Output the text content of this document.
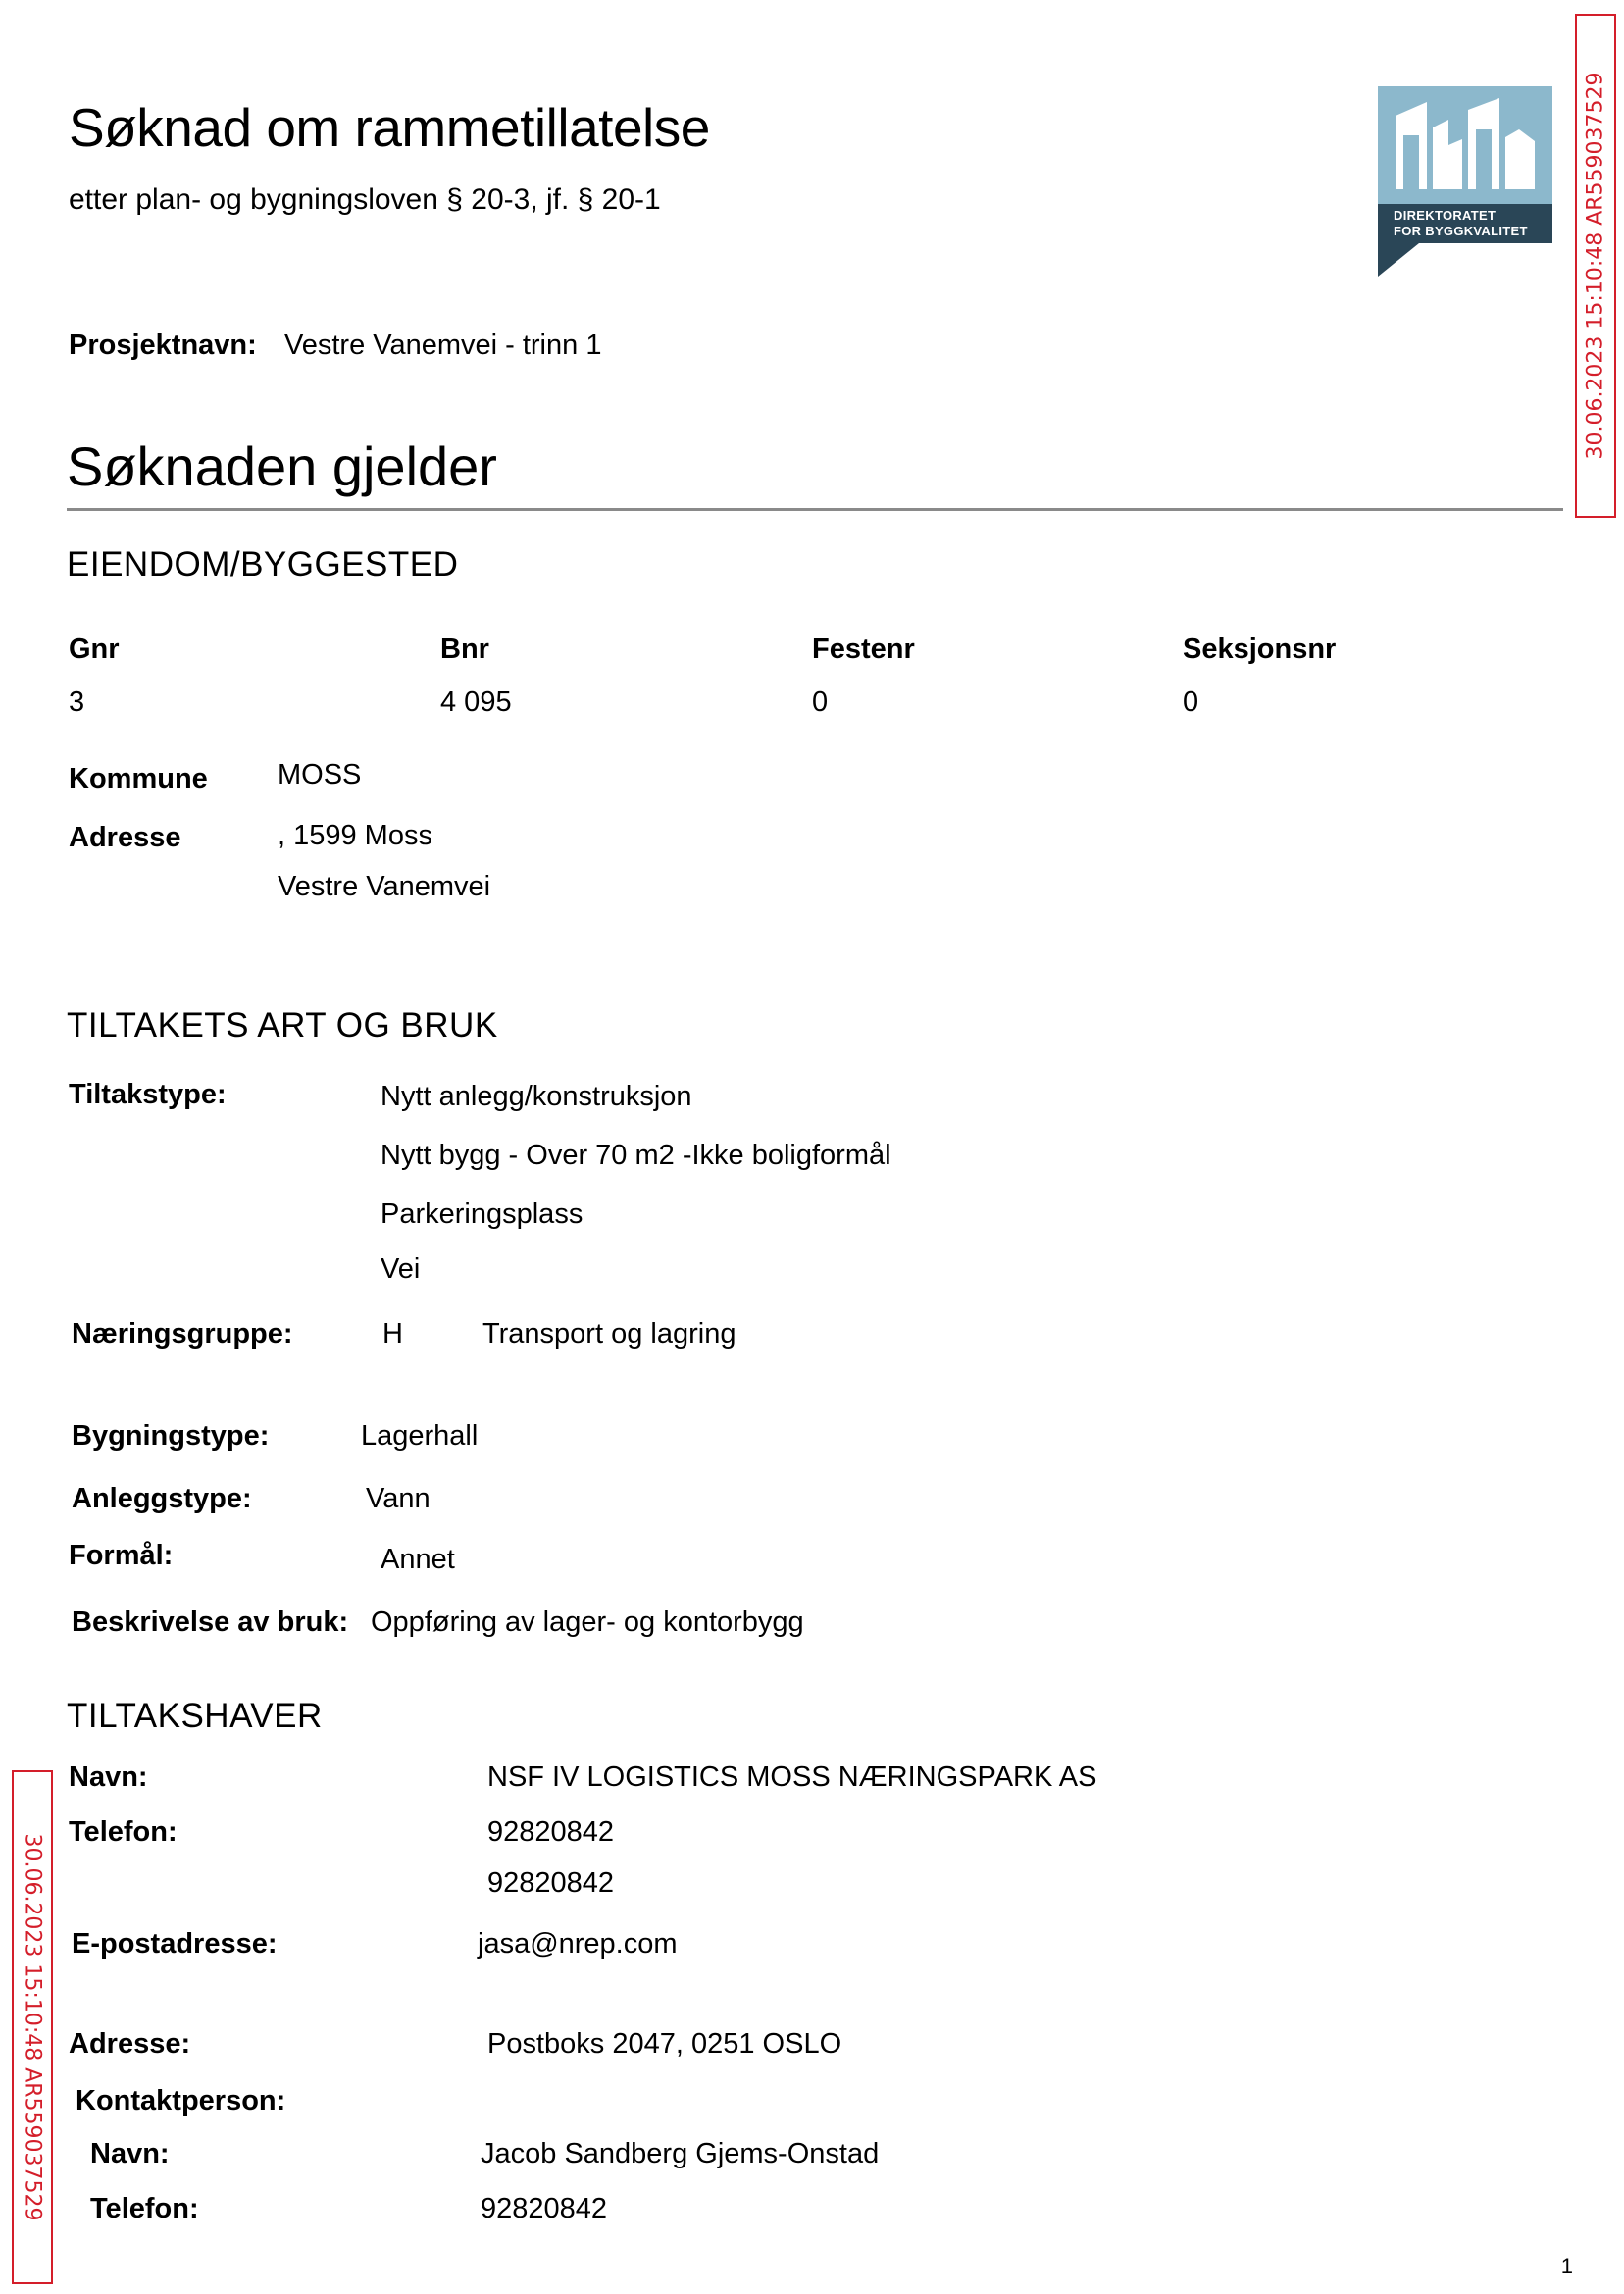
Søknad om rammetillatelse
etter plan- og bygningsloven § 20-3, jf. § 20-1	DIREKTORATET
FOR BYGGKVALITET	30.06.2023 15:10:48 AR559037529
30.06.2023 15:10:48 AR559037529
Prosjektnavn: Vestre Vanemvei - trinn 1
Søknaden gjelder
EIENDOM/BYGGESTED
Gnr	Bnr	Festenr	Seksjonsnr
3	4 095	0	0
Kommune MOSS
Adresse	, 1599 Moss
Vestre Vanemvei
TILTAKETS ART OG BRUK
Tiltakstype:	Nytt anlegg/konstruksjon
Nytt bygg - Over 70 m2 -Ikke boligformål
Parkeringsplass
Vei
Næringsgruppe:	H	Transport og lagring
Bygningstype:	Lagerhall
Anleggstype:	Vann
Formål:	Annet
Beskrivelse av bruk: Oppføring av lager- og kontorbygg
TILTAKSHAVER
Navn:	NSF IV LOGISTICS MOSS NÆRINGSPARK AS
Telefon:	92820842
92820842
E-postadresse:	jasa@nrep.com
Adresse:	Postboks 2047, 0251 OSLO
Kontaktperson:
Navn:	Jacob Sandberg Gjems-Onstad
Telefon:	92820842
1
